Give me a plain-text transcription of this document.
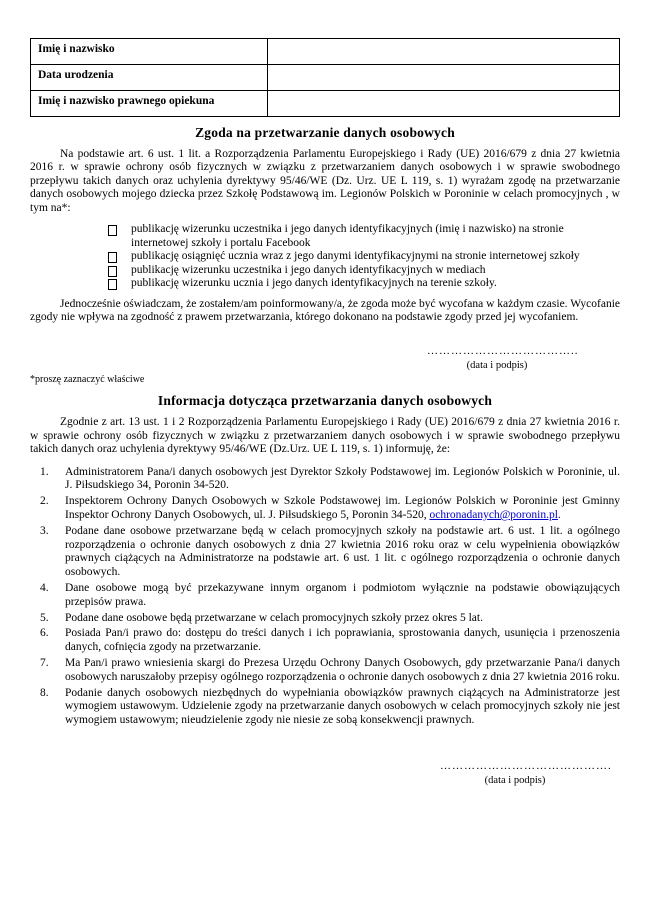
Imię i nazwisko	
Data urodzenia	
Imię i nazwisko prawnego opiekuna	
Zgoda na przetwarzanie danych osobowych

Na podstawie art. 6 ust. 1 lit. a Rozporządzenia Parlamentu Europejskiego i Rady (UE) 2016/679 z dnia 27 kwietnia 2016 r. w sprawie ochrony osób fizycznych w związku z przetwarzaniem danych osobowych i w sprawie swobodnego przepływu takich danych oraz uchylenia dyrektywy 95/46/WE (Dz. Urz. UE L 119, s. 1) wyrażam zgodę na przetwarzanie danych osobowych mojego dziecka przez Szkołę Podstawową im. Legionów Polskich w Poroninie w celach promocyjnych , w tym na*:

publikację wizerunku uczestnika i jego danych identyfikacyjnych (imię i nazwisko) na stronie internetowej szkoły i portalu Facebook
publikację osiągnięć ucznia wraz z jego danymi identyfikacyjnymi na stronie internetowej szkoły
publikację wizerunku uczestnika i jego danych identyfikacyjnych w mediach
publikację wizerunku ucznia i jego danych identyfikacyjnych na terenie szkoły.

Jednocześnie oświadczam, że zostałem/am poinformowany/a, że zgoda może być wycofana w każdym czasie. Wycofanie zgody nie wpływa na zgodność z prawem przetwarzania, którego dokonano na podstawie zgody przed jej wycofaniem.

………………………………..
(data i podpis)

*proszę zaznaczyć właściwe

Informacja dotycząca przetwarzania danych osobowych

Zgodnie z art. 13 ust. 1 i 2 Rozporządzenia Parlamentu Europejskiego i Rady (UE) 2016/679 z dnia 27 kwietnia 2016 r. w sprawie ochrony osób fizycznych w związku z przetwarzaniem danych osobowych i w sprawie swobodnego przepływu takich danych oraz uchylenia dyrektywy 95/46/WE (Dz.Urz. UE L 119, s. 1) informuję, że:

1. Administratorem Pana/i danych osobowych jest Dyrektor Szkoły Podstawowej im. Legionów Polskich w Poroninie, ul. J. Piłsudskiego 34, Poronin 34-520.
2. Inspektorem Ochrony Danych Osobowych w Szkole Podstawowej im. Legionów Polskich w Poroninie jest Gminny Inspektor Ochrony Danych Osobowych, ul. J. Piłsudskiego 5, Poronin 34-520, ochronadanych@poronin.pl.
3. Podane dane osobowe przetwarzane będą w celach promocyjnych szkoły na podstawie art. 6 ust. 1 lit. a ogólnego rozporządzenia o ochronie danych osobowych z dnia 27 kwietnia 2016 roku oraz w celu wypełnienia obowiązków prawnych ciążących na Administratorze na podstawie art. 6 ust. 1 lit. c ogólnego rozporządzenia o ochronie danych osobowych.
4. Dane osobowe mogą być przekazywane innym organom i podmiotom wyłącznie na podstawie obowiązujących przepisów prawa.
5. Podane dane osobowe będą przetwarzane w celach promocyjnych szkoły przez okres 5 lat.
6. Posiada Pan/i prawo do: dostępu do treści danych i ich poprawiania, sprostowania danych, usunięcia i przenoszenia danych, cofnięcia zgody na przetwarzanie.
7. Ma Pan/i prawo wniesienia skargi do Prezesa Urzędu Ochrony Danych Osobowych, gdy przetwarzanie Pana/i danych osobowych naruszałoby przepisy ogólnego rozporządzenia o ochronie danych osobowych z dnia 27 kwietnia 2016 roku.
8. Podanie danych osobowych niezbędnych do wypełniania obowiązków prawnych ciążących na Administratorze jest wymogiem ustawowym. Udzielenie zgody na przetwarzanie danych osobowych w celach promocyjnych szkoły nie jest wymogiem ustawowym; nieudzielenie zgody nie niesie ze sobą konsekwencji prawnych.
…………………………………….
(data i podpis)
